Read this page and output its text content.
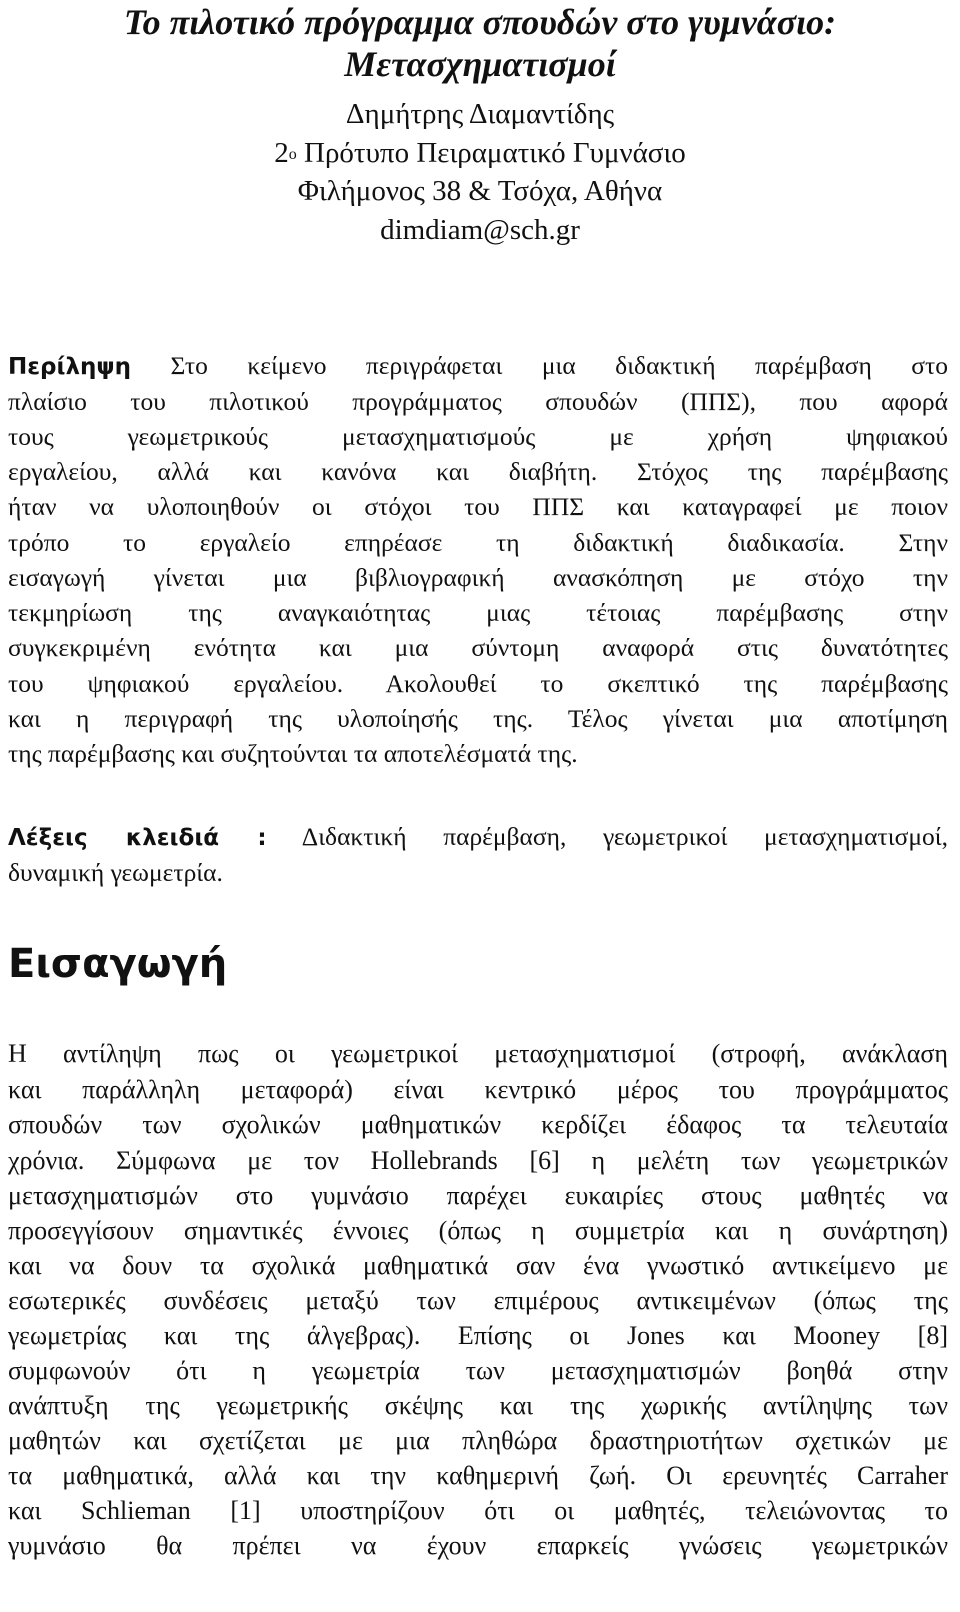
Το πιλοτικό πρόγραμμα σπουδών στο γυμνάσιο:
Μετασχηματισμοί
Δημήτρης Διαμαντίδης
$2^o$ Πρότυπο Πειραματικό Γυμνάσιο
Φιλήμονος 38 & Τσόχα, Αθήνα
dimdiam@sch.gr
Περίληψη Στο κείμενο περιγράφεται μια διδακτική παρέμβαση στο
πλαίσιο του πιλοτικού προγράμματος σπουδών (ΠΠΣ), που αφορά
τους γεωμετρικούς μετασχηματισμούς με χρήση ψηφιακού
εργαλείου, αλλά και κανόνα και διαβήτη. Στόχος της παρέμβασης
ήταν να υλοποιηθούν οι στόχοι του ΠΠΣ και καταγραφεί με ποιον
τρόπο το εργαλείο επηρέασε τη διδακτική διαδικασία. Στην
εισαγωγή γίνεται μια βιβλιογραφική ανασκόπηση με στόχο την
τεκμηρίωση της αναγκαιότητας μιας τέτοιας παρέμβασης στην
συγκεκριμένη ενότητα και μια σύντομη αναφορά στις δυνατότητες
του ψηφιακού εργαλείου. Ακολουθεί το σκεπτικό της παρέμβασης
και η περιγραφή της υλοποίησής της. Τέλος γίνεται μια αποτίμηση
της παρέμβασης και συζητούνται τα αποτελέσματά της.
Λέξεις κλειδιά : Διδακτική παρέμβαση, γεωμετρικοί μετασχηματισμοί,
δυναμική γεωμετρία.
Εισαγωγή
Η αντίληψη πως οι γεωμετρικοί μετασχηματισμοί (στροφή, ανάκλαση
και παράλληλη μεταφορά) είναι κεντρικό μέρος του προγράμματος
σπουδών των σχολικών μαθηματικών κερδίζει έδαφος τα τελευταία
χρόνια. Σύμφωνα με τον Hollebrands [6] η μελέτη των γεωμετρικών
μετασχηματισμών στο γυμνάσιο παρέχει ευκαιρίες στους μαθητές να
προσεγγίσουν σημαντικές έννοιες (όπως η συμμετρία και η συνάρτηση)
και να δουν τα σχολικά μαθηματικά σαν ένα γνωστικό αντικείμενο με
εσωτερικές συνδέσεις μεταξύ των επιμέρους αντικειμένων (όπως της
γεωμετρίας και της άλγεβρας). Επίσης οι Jones και Mooney [8]
συμφωνούν ότι η γεωμετρία των μετασχηματισμών βοηθά στην
ανάπτυξη της γεωμετρικής σκέψης και της χωρικής αντίληψης των
μαθητών και σχετίζεται με μια πληθώρα δραστηριοτήτων σχετικών με
τα μαθηματικά, αλλά και την καθημερινή ζωή. Οι ερευνητές Carraher
και Schlieman [1] υποστηρίζουν ότι οι μαθητές, τελειώνοντας το
γυμνάσιο θα πρέπει να έχουν επαρκείς γνώσεις γεωμετρικών
